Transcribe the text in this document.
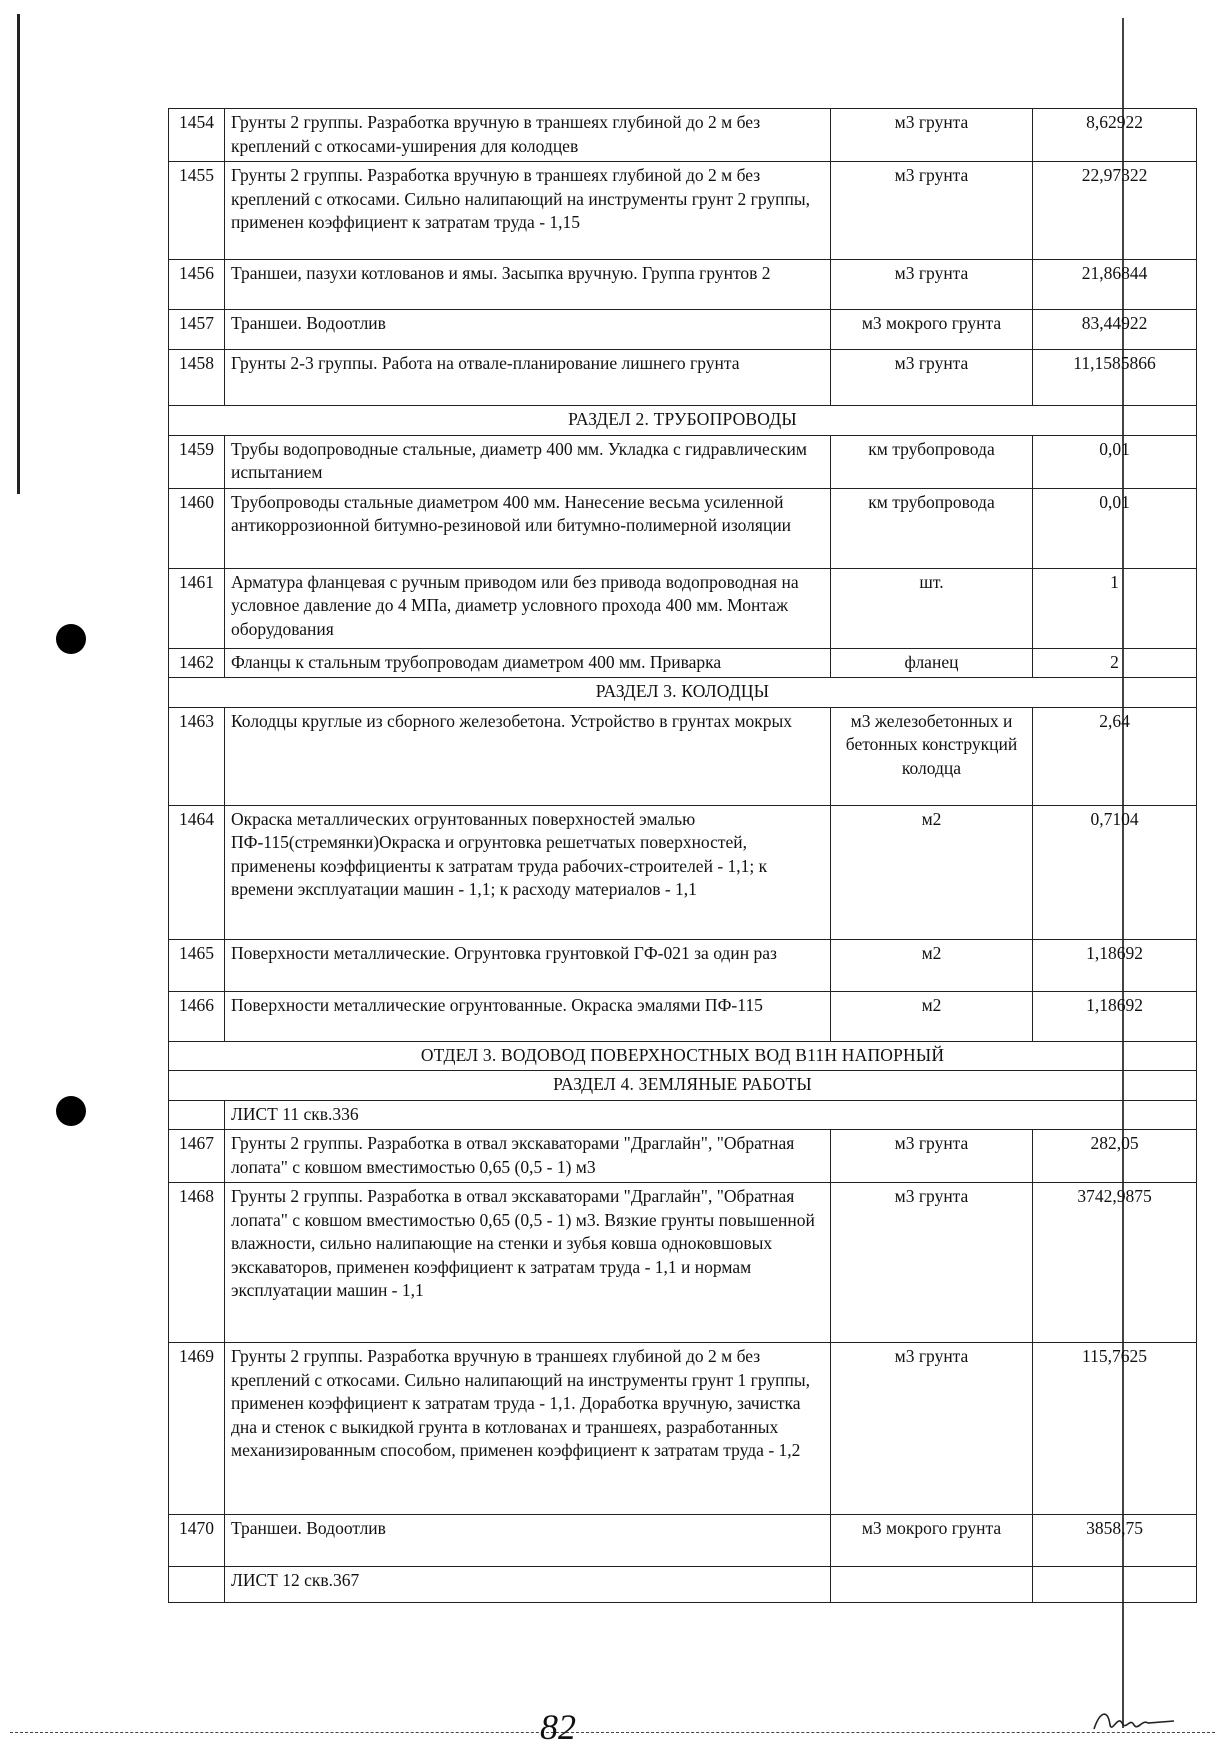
1454	Грунты 2 группы. Разработка вручную в траншеях глубиной до 2 м без креплений с откосами-уширения для колодцев	м3 грунта	8,62922
1455	Грунты 2 группы. Разработка вручную в траншеях глубиной до 2 м без креплений с откосами. Сильно налипающий на инструменты грунт 2 группы, применен коэффициент к затратам труда - 1,15	м3 грунта	22,97322
1456	Траншеи, пазухи котлованов и ямы. Засыпка вручную. Группа грунтов 2	м3 грунта	21,86844
1457	Траншеи. Водоотлив	м3 мокрого грунта	83,44922
1458	Грунты 2-3 группы. Работа на отвале-планирование лишнего грунта	м3 грунта	11,1585866
РАЗДЕЛ 2. ТРУБОПРОВОДЫ			
1459	Трубы водопроводные стальные, диаметр 400 мм. Укладка с гидравлическим испытанием	км трубопровода	0,01
1460	Трубопроводы стальные диаметром 400 мм. Нанесение весьма усиленной антикоррозионной битумно-резиновой или битумно-полимерной изоляции	км трубопровода	0,01
1461	Арматура фланцевая с ручным приводом или без привода водопроводная на условное давление до 4 МПа, диаметр условного прохода 400 мм. Монтаж оборудования	шт.	1
1462	Фланцы к стальным трубопроводам диаметром 400 мм. Приварка	фланец	2
РАЗДЕЛ 3. КОЛОДЦЫ			
1463	Колодцы круглые из сборного железобетона. Устройство в грунтах мокрых	м3 железобетонных и бетонных конструкций колодца	2,64
1464	Окраска металлических огрунтованных поверхностей эмалью ПФ-115(стремянки)Окраска и огрунтовка решетчатых поверхностей, применены коэффициенты к затратам труда рабочих-строителей - 1,1; к времени эксплуатации машин - 1,1; к расходу материалов - 1,1	м2	0,7104
1465	Поверхности металлические. Огрунтовка грунтовкой ГФ-021 за один раз	м2	1,18692
1466	Поверхности металлические огрунтованные. Окраска эмалями ПФ-115	м2	1,18692
ОТДЕЛ 3. ВОДОВОД ПОВЕРХНОСТНЫХ ВОД В11Н НАПОРНЫЙ			
РАЗДЕЛ 4. ЗЕМЛЯНЫЕ РАБОТЫ			
	ЛИСТ 11 скв.336		
1467	Грунты 2 группы. Разработка в отвал экскаваторами "Драглайн", "Обратная лопата" с ковшом вместимостью 0,65 (0,5 - 1) м3	м3 грунта	282,05
1468	Грунты 2 группы. Разработка в отвал экскаваторами "Драглайн", "Обратная лопата" с ковшом вместимостью 0,65 (0,5 - 1) м3. Вязкие грунты повышенной влажности, сильно налипающие на стенки и зубья ковша одноковшовых экскаваторов, применен коэффициент к затратам труда - 1,1 и нормам эксплуатации машин - 1,1	м3 грунта	3742,9875
1469	Грунты 2 группы. Разработка вручную в траншеях глубиной до 2 м без креплений с откосами. Сильно налипающий на инструменты грунт 1 группы, применен коэффициент к затратам труда - 1,1. Доработка вручную, зачистка дна и стенок с выкидкой грунта в котлованах и траншеях, разработанных механизированным способом, применен коэффициент к затратам труда - 1,2	м3 грунта	115,7625
1470	Траншеи. Водоотлив	м3 мокрого грунта	3858,75
	ЛИСТ 12 скв.367		
82
